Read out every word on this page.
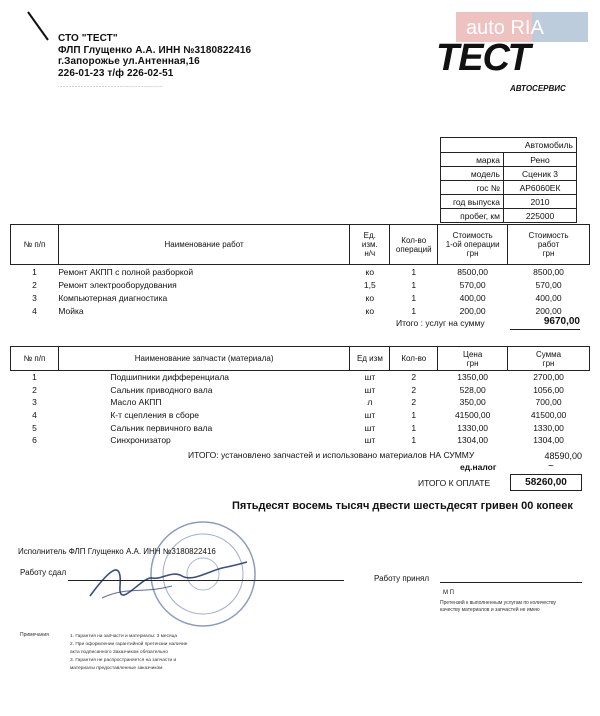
СТО "ТЕСТ"
ФЛП Глущенко А.А. ИНН №3180822416
г.Запорожье ул.Антенная,16
226-01-23 т/ф 226-02-51
······································································
auto RIA
ТЕСТ
АВТОСЕРВИС
Автомобиль	
марка	Рено
модель	Сценик 3
гос №	АР6060ЕК
год выпуска	2010
пробег, км	225000
№ п/п	Наименование работ	Ед.
изм.
н/ч	Кол-во
операций	Стоимость
1-ой операции
грн	Стоимость
работ
грн
1	Ремонт АКПП с полной разборкой	ко	1	8500,00	8500,00
2	Ремонт электрооборудования	1,5	1	570,00	570,00
3	Компьютерная диагностика	ко	1	400,00	400,00
4	Мойка	ко	1	200,00	200,00
Итого : услуг на сумму	9670,00
№ п/п	Наименование запчасти (материала)	Ед изм	Кол-во	Цена
грн	Сумма
грн
1	Подшипники дифференциала	шт	2	1350,00	2700,00
2	Сальник приводного вала	шт	2	528,00	1056,00
3	Масло АКПП	л	2	350,00	700,00
4	К-т сцепления в сборе	шт	1	41500,00	41500,00
5	Сальник первичного вала	шт	1	1330,00	1330,00
6	Синхронизатор	шт	1	1304,00	1304,00
ИТОГО: установлено запчастей и использовано материалов НА СУММУ	48590,00
ед.налог	~
ИТОГО К ОПЛАТЕ	58260,00
Пятьдесят восемь тысяч двести шестьдесят гривен 00 копеек
Исполнитель ФЛП Глущенко А.А. ИНН №3180822416
Работу сдал
Работу принял
М П
Претензий к выполненным услугам по количеству
качеству материалов и запчастей не имею
Примечания	1. Гарантия на запчасти и материалы: 3 месяца
2. При оформлении гарантийной претензии наличие
акта подписанного Заказчиком обязательно
3. Гарантия не распространяется на запчасти и
материалы предоставленные заказчиком
